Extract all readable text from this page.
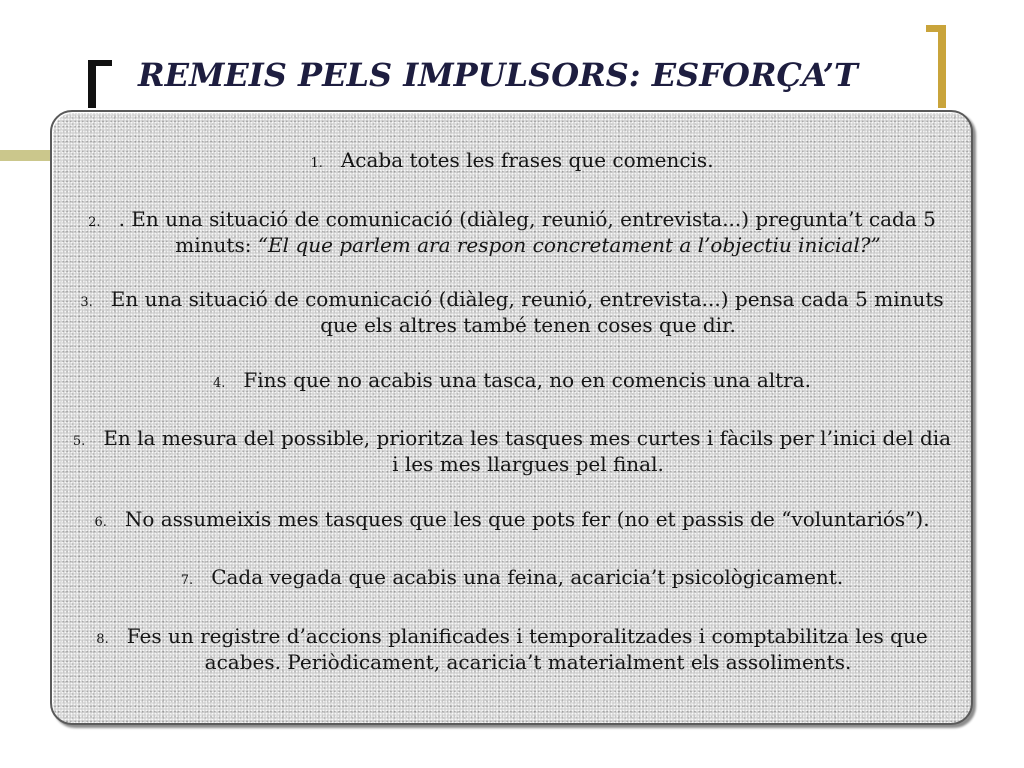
REMEIS PELS IMPULSORS: ESFORÇA’T

1. Acaba totes les frases que comencis.

2. . En una situació de comunicació (diàleg, reunió, entrevista...) pregunta’t cada 5 minuts: “El que parlem ara respon concretament a l’objectiu inicial?”

3. En una situació de comunicació (diàleg, reunió, entrevista...) pensa cada 5 minuts que els altres també tenen coses que dir.

4. Fins que no acabis una tasca, no en comencis una altra.

5. En la mesura del possible, prioritza les tasques mes curtes i fàcils per l’inici del dia i les mes llargues pel final.

6. No assumeixis mes tasques que les que pots fer (no et passis de “voluntariós”).

7. Cada vegada que acabis una feina, acaricia’t psicològicament.

8. Fes un registre d’accions planificades i temporalitzades i comptabilitza les que acabes. Periòdicament, acaricia’t materialment els assoliments.
